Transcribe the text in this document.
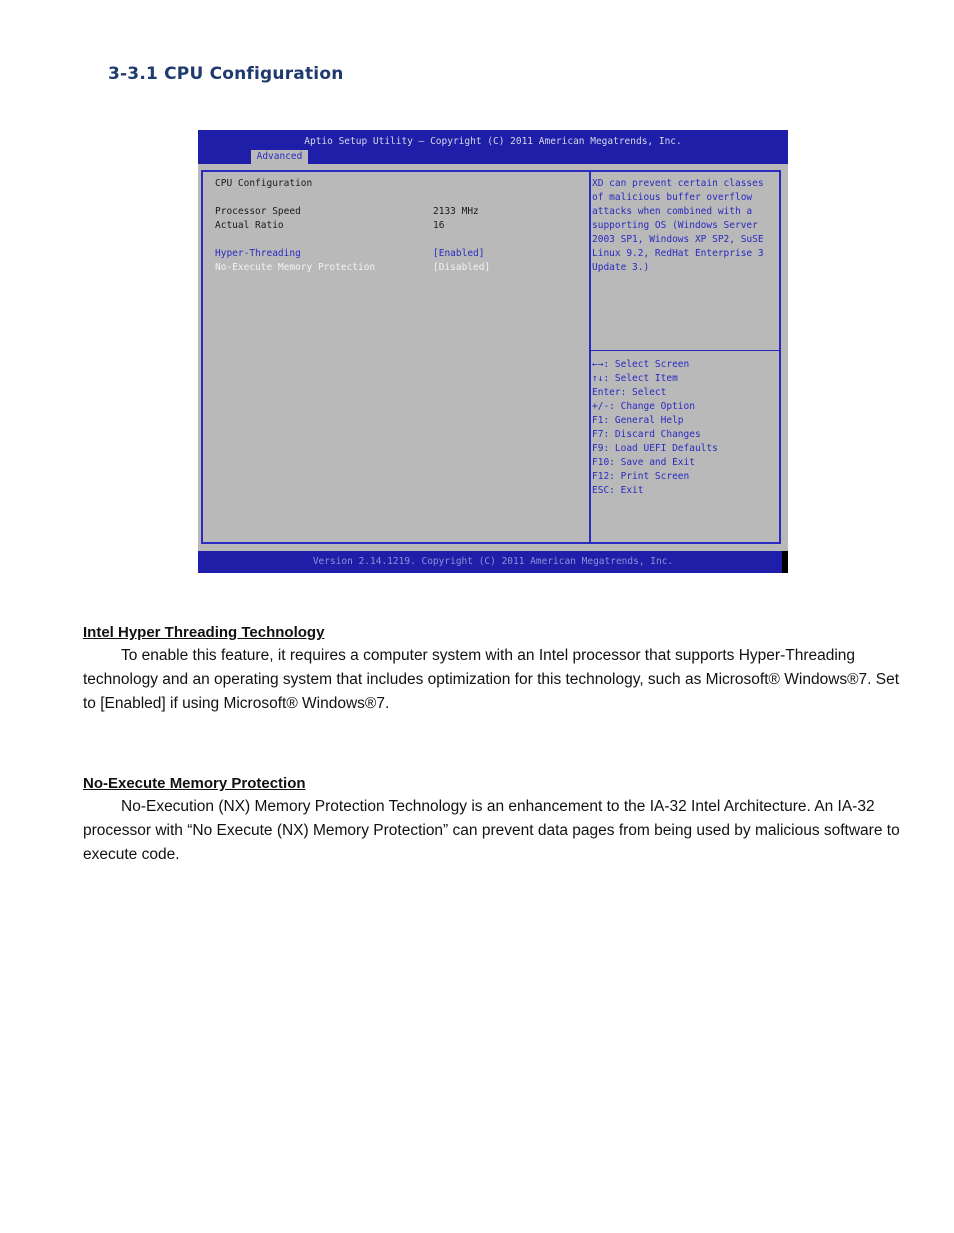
3-3.1 CPU Configuration
Aptio Setup Utility – Copyright (C) 2011 American Megatrends, Inc.
Advanced
CPU Configuration
Processor Speed	2133 MHz
Actual Ratio	16
Hyper-Threading	[Enabled]
No-Execute Memory Protection	[Disabled]
XD can prevent certain classes
of malicious buffer overflow
attacks when combined with a
supporting OS (Windows Server
2003 SP1, Windows XP SP2, SuSE
Linux 9.2, RedHat Enterprise 3
Update 3.)
←→: Select Screen
↑↓: Select Item
Enter: Select
+/-: Change Option
F1: General Help
F7: Discard Changes
F9: Load UEFI Defaults
F10: Save and Exit
F12: Print Screen
ESC: Exit
Version 2.14.1219. Copyright (C) 2011 American Megatrends, Inc.
Intel Hyper Threading Technology

To enable this feature, it requires a computer system with an Intel processor that supports Hyper-Threading technology and an operating system that includes optimization for this technology, such as Microsoft® Windows®7. Set to [Enabled] if using Microsoft® Windows®7.

No-Execute Memory Protection

No-Execution (NX) Memory Protection Technology is an enhancement to the IA-32 Intel Architecture. An IA-32 processor with “No Execute (NX) Memory Protection” can prevent data pages from being used by malicious software to execute code.
